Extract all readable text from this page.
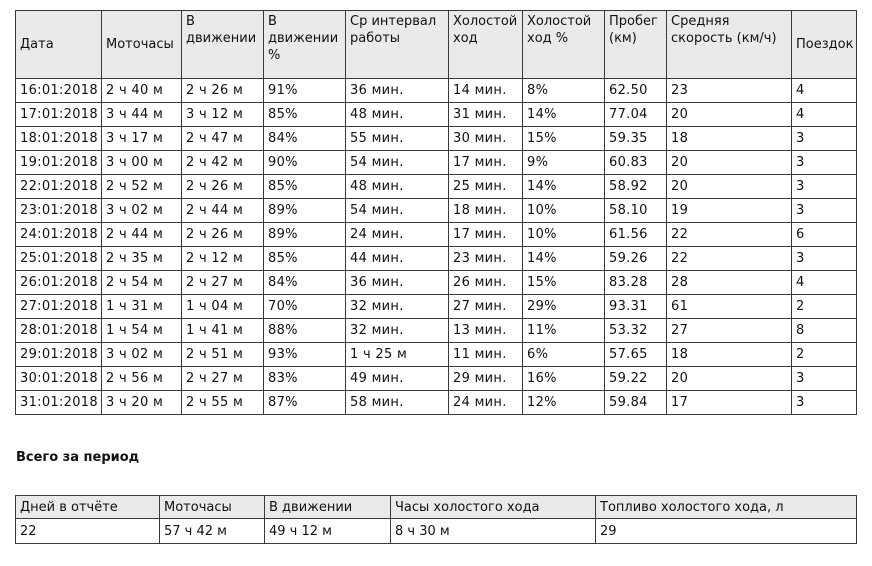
Дата	Моточасы	В движении	В движении %	Ср интервал работы	Холостой ход	Холостой ход %	Пробег (км)	Средняя скорость (км/ч)	Поездок
16:01:2018	2 ч 40 м	2 ч 26 м	91%	36 мин.	14 мин.	8%	62.50	23	4
17:01:2018	3 ч 44 м	3 ч 12 м	85%	48 мин.	31 мин.	14%	77.04	20	4
18:01:2018	3 ч 17 м	2 ч 47 м	84%	55 мин.	30 мин.	15%	59.35	18	3
19:01:2018	3 ч 00 м	2 ч 42 м	90%	54 мин.	17 мин.	9%	60.83	20	3
22:01:2018	2 ч 52 м	2 ч 26 м	85%	48 мин.	25 мин.	14%	58.92	20	3
23:01:2018	3 ч 02 м	2 ч 44 м	89%	54 мин.	18 мин.	10%	58.10	19	3
24:01:2018	2 ч 44 м	2 ч 26 м	89%	24 мин.	17 мин.	10%	61.56	22	6
25:01:2018	2 ч 35 м	2 ч 12 м	85%	44 мин.	23 мин.	14%	59.26	22	3
26:01:2018	2 ч 54 м	2 ч 27 м	84%	36 мин.	26 мин.	15%	83.28	28	4
27:01:2018	1 ч 31 м	1 ч 04 м	70%	32 мин.	27 мин.	29%	93.31	61	2
28:01:2018	1 ч 54 м	1 ч 41 м	88%	32 мин.	13 мин.	11%	53.32	27	8
29:01:2018	3 ч 02 м	2 ч 51 м	93%	1 ч 25 м	11 мин.	6%	57.65	18	2
30:01:2018	2 ч 56 м	2 ч 27 м	83%	49 мин.	29 мин.	16%	59.22	20	3
31:01:2018	3 ч 20 м	2 ч 55 м	87%	58 мин.	24 мин.	12%	59.84	17	3
Всего за период
Дней в отчёте	Моточасы	В движении	Часы холостого хода	Топливо холостого хода, л
22	57 ч 42 м	49 ч 12 м	8 ч 30 м	29
